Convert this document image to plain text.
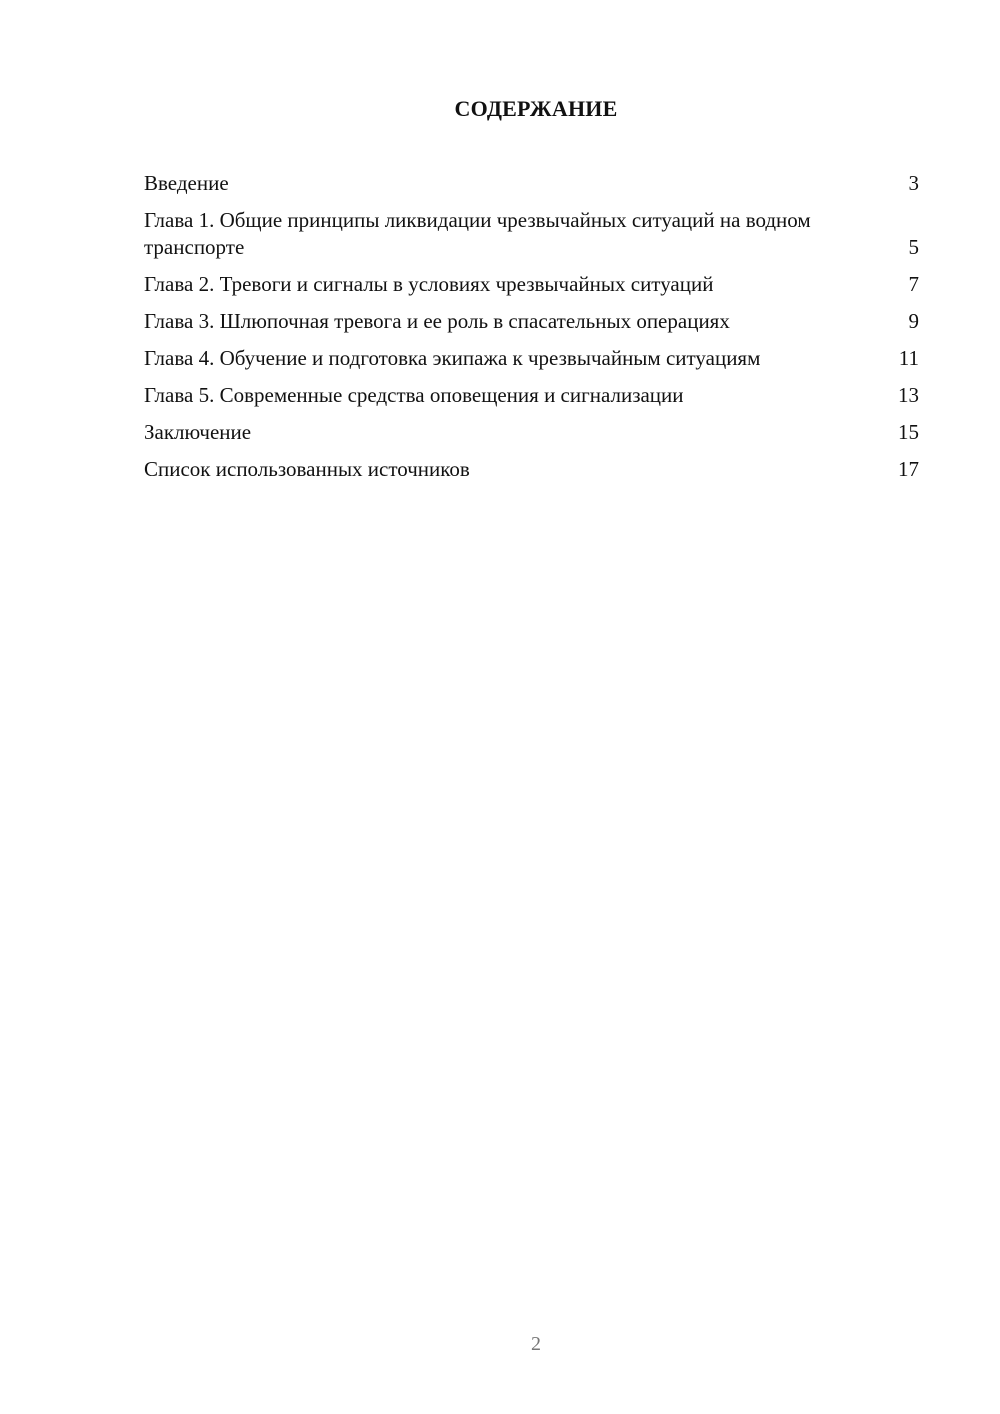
СОДЕРЖАНИЕ
Введение	3
Глава 1. Общие принципы ликвидации чрезвычайных ситуаций на водном транспорте	5
Глава 2. Тревоги и сигналы в условиях чрезвычайных ситуаций	7
Глава 3. Шлюпочная тревога и ее роль в спасательных операциях	9
Глава 4. Обучение и подготовка экипажа к чрезвычайным ситуациям	11
Глава 5. Современные средства оповещения и сигнализации	13
Заключение	15
Список использованных источников	17
2
